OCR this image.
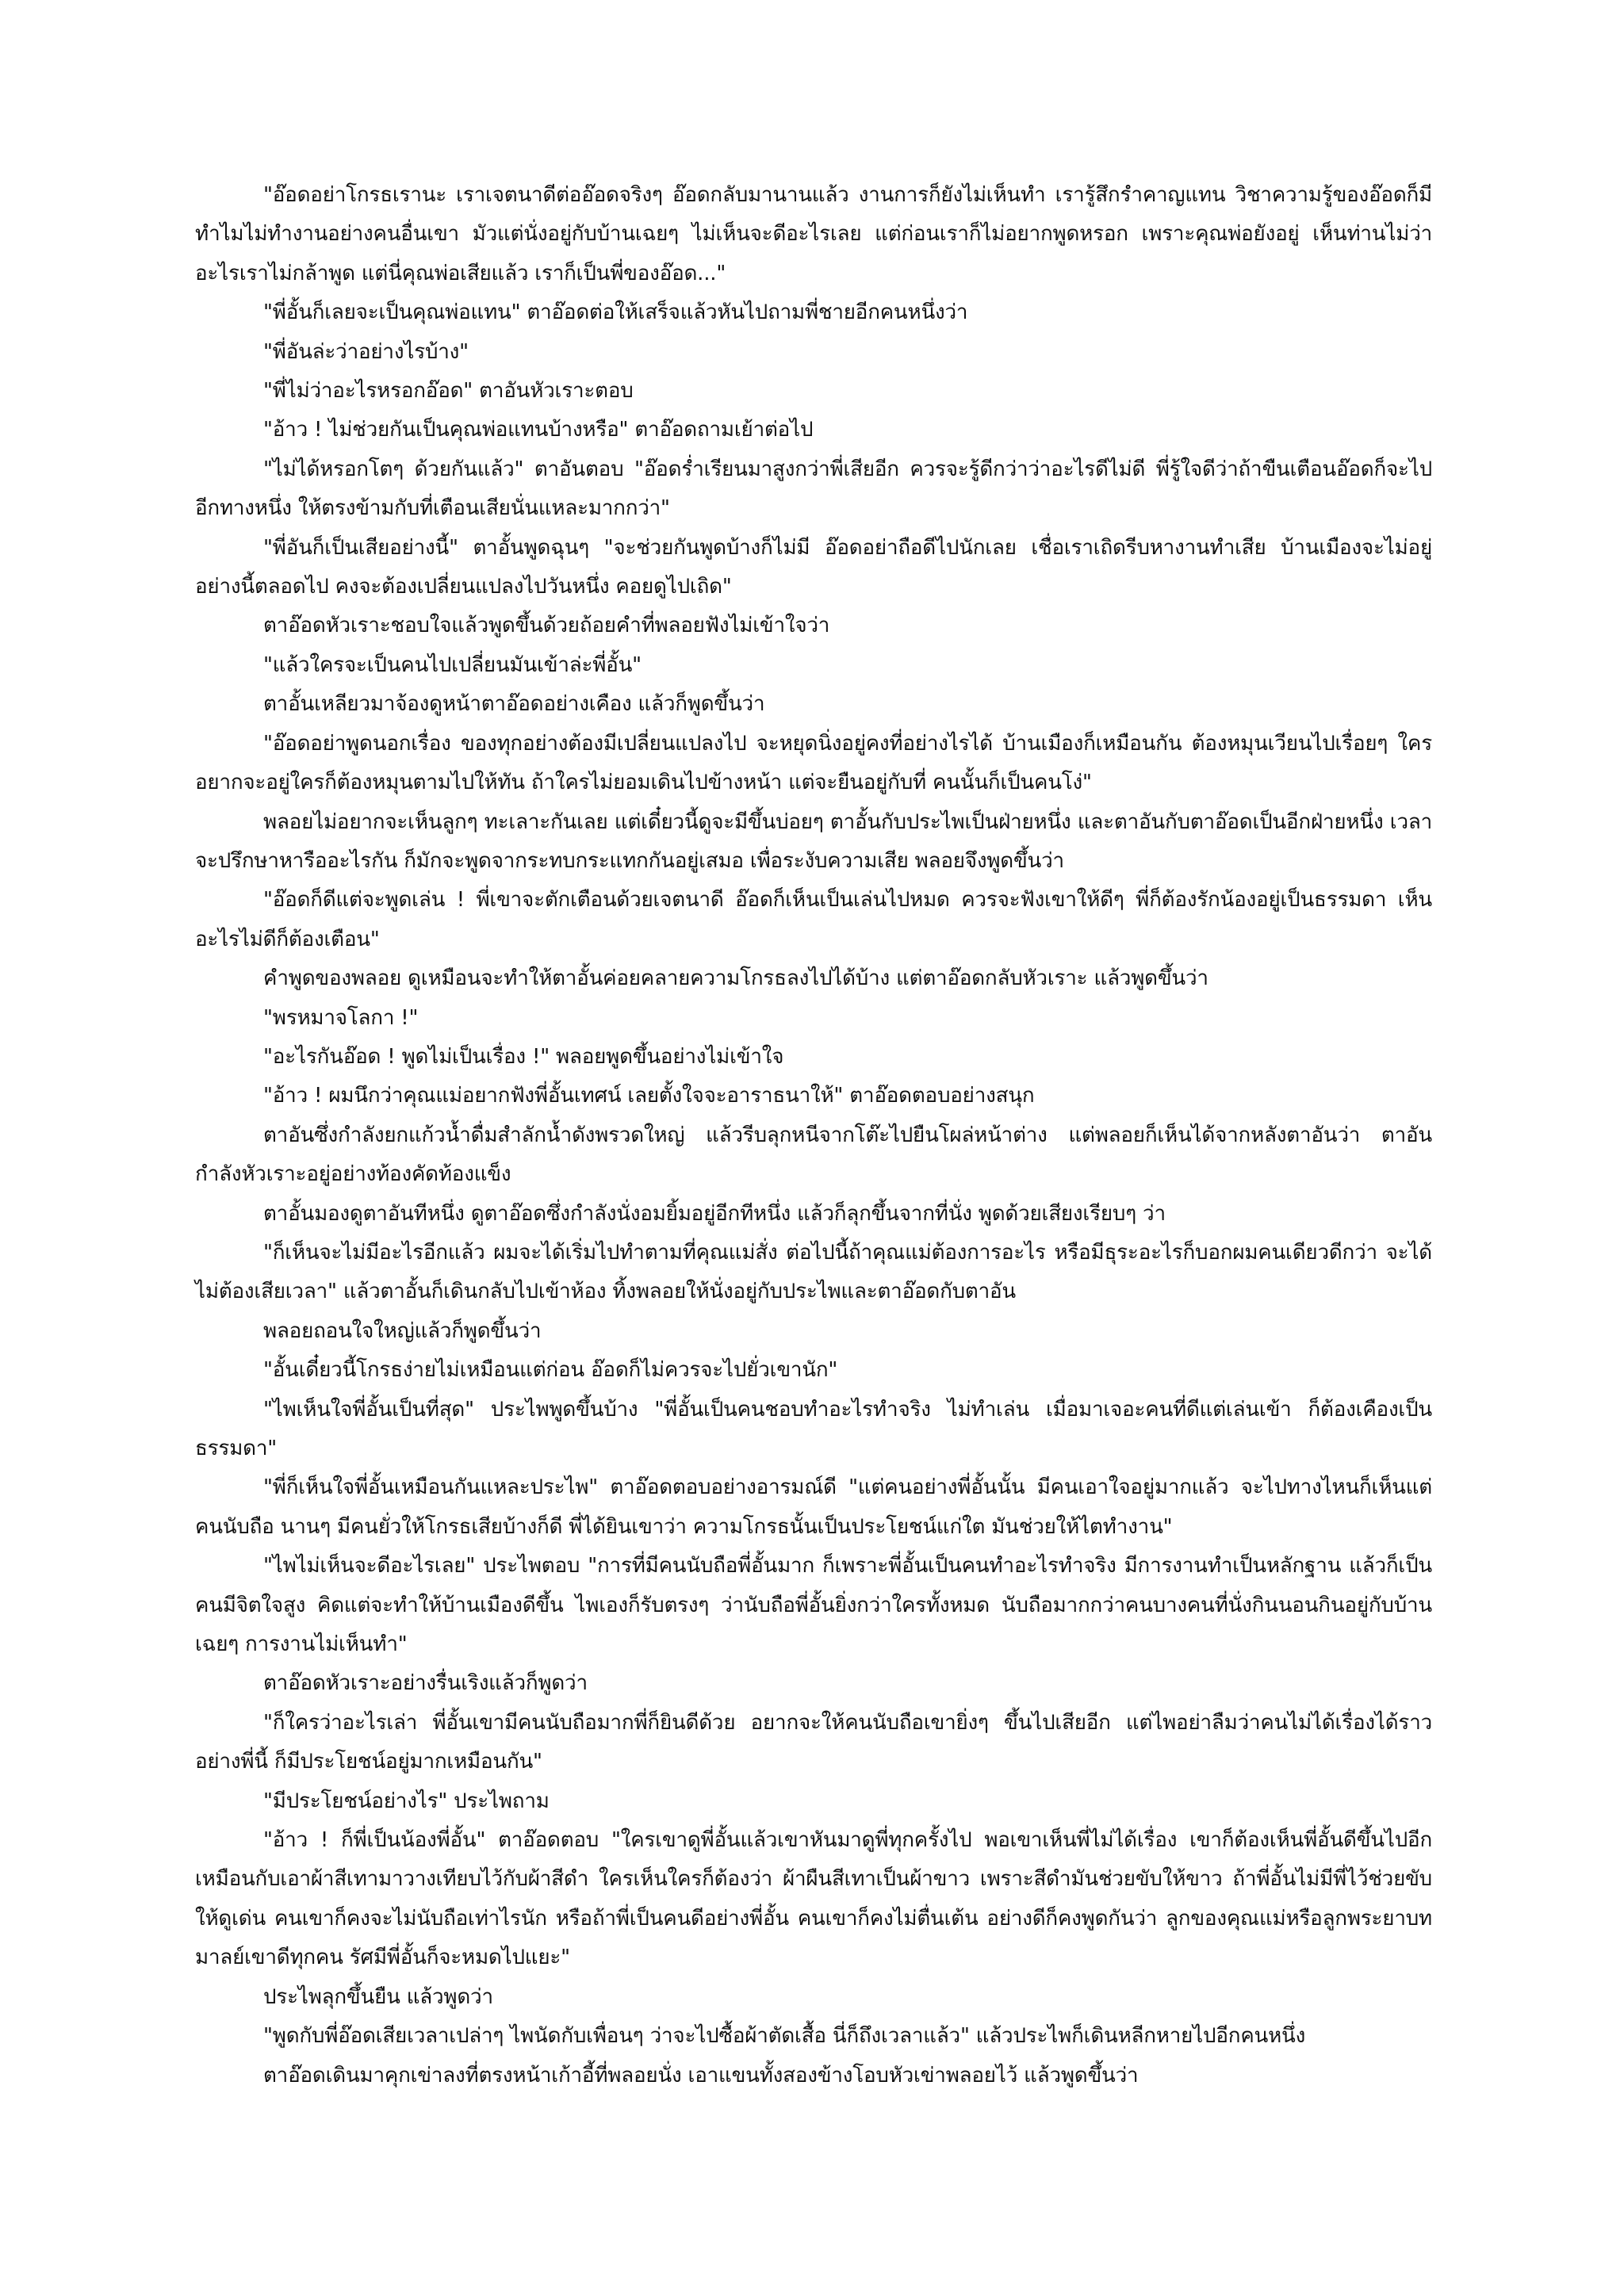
"อ๊อดอย่าโกรธเรานะ เราเจตนาดีต่ออ๊อดจริงๆ อ๊อดกลับมานานแล้ว งานการก็ยังไม่เห็นทำ เรารู้สึกรำคาญแทน วิชาความรู้ของอ๊อดก็มี ทำไมไม่ทำงานอย่างคนอื่นเขา มัวแต่นั่งอยู่กับบ้านเฉยๆ ไม่เห็นจะดีอะไรเลย แต่ก่อนเราก็ไม่อยากพูดหรอก เพราะคุณพ่อยังอยู่ เห็นท่านไม่ว่าอะไรเราไม่กล้าพูด แต่นี่คุณพ่อเสียแล้ว เราก็เป็นพี่ของอ๊อด..."

"พี่อั้นก็เลยจะเป็นคุณพ่อแทน" ตาอ๊อดต่อให้เสร็จแล้วหันไปถามพี่ชายอีกคนหนึ่งว่า

"พี่อันล่ะว่าอย่างไรบ้าง"

"พี่ไม่ว่าอะไรหรอกอ๊อด" ตาอันหัวเราะตอบ

"อ้าว ! ไม่ช่วยกันเป็นคุณพ่อแทนบ้างหรือ" ตาอ๊อดถามเย้าต่อไป

"ไม่ได้หรอกโตๆ ด้วยกันแล้ว" ตาอันตอบ "อ๊อดร่ำเรียนมาสูงกว่าพี่เสียอีก ควรจะรู้ดีกว่าว่าอะไรดีไม่ดี พี่รู้ใจดีว่าถ้าขืนเตือนอ๊อดก็จะไปอีกทางหนึ่ง ให้ตรงข้ามกับที่เตือนเสียนั่นแหละมากกว่า"

"พี่อันก็เป็นเสียอย่างนี้" ตาอั้นพูดฉุนๆ "จะช่วยกันพูดบ้างก็ไม่มี อ๊อดอย่าถือดีไปนักเลย เชื่อเราเถิดรีบหางานทำเสีย บ้านเมืองจะไม่อยู่อย่างนี้ตลอดไป คงจะต้องเปลี่ยนแปลงไปวันหนึ่ง คอยดูไปเถิด"

ตาอ๊อดหัวเราะชอบใจแล้วพูดขึ้นด้วยถ้อยคำที่พลอยฟังไม่เข้าใจว่า

"แล้วใครจะเป็นคนไปเปลี่ยนมันเข้าล่ะพี่อั้น"

ตาอั้นเหลียวมาจ้องดูหน้าตาอ๊อดอย่างเคือง แล้วก็พูดขึ้นว่า

"อ๊อดอย่าพูดนอกเรื่อง ของทุกอย่างต้องมีเปลี่ยนแปลงไป จะหยุดนิ่งอยู่คงที่อย่างไรได้ บ้านเมืองก็เหมือนกัน ต้องหมุนเวียนไปเรื่อยๆ ใครอยากจะอยู่ใครก็ต้องหมุนตามไปให้ทัน ถ้าใครไม่ยอมเดินไปข้างหน้า แต่จะยืนอยู่กับที่ คนนั้นก็เป็นคนโง่"

พลอยไม่อยากจะเห็นลูกๆ ทะเลาะกันเลย แต่เดี๋ยวนี้ดูจะมีขึ้นบ่อยๆ ตาอั้นกับประไพเป็นฝ่ายหนึ่ง และตาอันกับตาอ๊อดเป็นอีกฝ่ายหนึ่ง เวลาจะปรึกษาหารืออะไรกัน ก็มักจะพูดจากระทบกระแทกกันอยู่เสมอ เพื่อระงับความเสีย พลอยจึงพูดขึ้นว่า

"อ๊อดก็ดีแต่จะพูดเล่น ! พี่เขาจะตักเตือนด้วยเจตนาดี อ๊อดก็เห็นเป็นเล่นไปหมด ควรจะฟังเขาให้ดีๆ พี่ก็ต้องรักน้องอยู่เป็นธรรมดา เห็นอะไรไม่ดีก็ต้องเตือน"

คำพูดของพลอย ดูเหมือนจะทำให้ตาอั้นค่อยคลายความโกรธลงไปได้บ้าง แต่ตาอ๊อดกลับหัวเราะ แล้วพูดขึ้นว่า

"พรหมาจโลกา !"

"อะไรกันอ๊อด ! พูดไม่เป็นเรื่อง !" พลอยพูดขึ้นอย่างไม่เข้าใจ

"อ้าว ! ผมนึกว่าคุณแม่อยากฟังพี่อั้นเทศน์ เลยตั้งใจจะอาราธนาให้" ตาอ๊อดตอบอย่างสนุก

ตาอันซึ่งกำลังยกแก้วน้ำดื่มสำลักน้ำดังพรวดใหญ่ แล้วรีบลุกหนีจากโต๊ะไปยืนโผล่หน้าต่าง แต่พลอยก็เห็นได้จากหลังตาอันว่า ตาอันกำลังหัวเราะอยู่อย่างท้องคัดท้องแข็ง

ตาอั้นมองดูตาอันทีหนึ่ง ดูตาอ๊อดซึ่งกำลังนั่งอมยิ้มอยู่อีกทีหนึ่ง แล้วก็ลุกขึ้นจากที่นั่ง พูดด้วยเสียงเรียบๆ ว่า

"ก็เห็นจะไม่มีอะไรอีกแล้ว ผมจะได้เริ่มไปทำตามที่คุณแม่สั่ง ต่อไปนี้ถ้าคุณแม่ต้องการอะไร หรือมีธุระอะไรก็บอกผมคนเดียวดีกว่า จะได้ไม่ต้องเสียเวลา" แล้วตาอั้นก็เดินกลับไปเข้าห้อง ทิ้งพลอยให้นั่งอยู่กับประไพและตาอ๊อดกับตาอัน

พลอยถอนใจใหญ่แล้วก็พูดขึ้นว่า

"อั้นเดี๋ยวนี้โกรธง่ายไม่เหมือนแต่ก่อน อ๊อดก็ไม่ควรจะไปยั่วเขานัก"

"ไพเห็นใจพี่อั้นเป็นที่สุด" ประไพพูดขึ้นบ้าง "พี่อั้นเป็นคนชอบทำอะไรทำจริง ไม่ทำเล่น เมื่อมาเจอะคนที่ดีแต่เล่นเข้า ก็ต้องเคืองเป็นธรรมดา"

"พี่ก็เห็นใจพี่อั้นเหมือนกันแหละประไพ" ตาอ๊อดตอบอย่างอารมณ์ดี "แต่คนอย่างพี่อั้นนั้น มีคนเอาใจอยู่มากแล้ว จะไปทางไหนก็เห็นแต่คนนับถือ นานๆ มีคนยั่วให้โกรธเสียบ้างก็ดี พี่ได้ยินเขาว่า ความโกรธนั้นเป็นประโยชน์แก่ใต มันช่วยให้ไตทำงาน"

"ไพไม่เห็นจะดีอะไรเลย" ประไพตอบ "การที่มีคนนับถือพี่อั้นมาก ก็เพราะพี่อั้นเป็นคนทำอะไรทำจริง มีการงานทำเป็นหลักฐาน แล้วก็เป็นคนมีจิตใจสูง คิดแต่จะทำให้บ้านเมืองดีขึ้น ไพเองก็รับตรงๆ ว่านับถือพี่อั้นยิ่งกว่าใครทั้งหมด นับถือมากกว่าคนบางคนที่นั่งกินนอนกินอยู่กับบ้านเฉยๆ การงานไม่เห็นทำ"

ตาอ๊อดหัวเราะอย่างรื่นเริงแล้วก็พูดว่า

"ก็ใครว่าอะไรเล่า พี่อั้นเขามีคนนับถือมากพี่ก็ยินดีด้วย อยากจะให้คนนับถือเขายิ่งๆ ขึ้นไปเสียอีก แต่ไพอย่าลืมว่าคนไม่ได้เรื่องได้ราวอย่างพี่นี้ ก็มีประโยชน์อยู่มากเหมือนกัน"

"มีประโยชน์อย่างไร" ประไพถาม

"อ้าว ! ก็พี่เป็นน้องพี่อั้น" ตาอ๊อดตอบ "ใครเขาดูพี่อั้นแล้วเขาหันมาดูพี่ทุกครั้งไป พอเขาเห็นพี่ไม่ได้เรื่อง เขาก็ต้องเห็นพี่อั้นดีขึ้นไปอีก เหมือนกับเอาผ้าสีเทามาวางเทียบไว้กับผ้าสีดำ ใครเห็นใครก็ต้องว่า ผ้าผืนสีเทาเป็นผ้าขาว เพราะสีดำมันช่วยขับให้ขาว ถ้าพี่อั้นไม่มีพี่ไว้ช่วยขับให้ดูเด่น คนเขาก็คงจะไม่นับถือเท่าไรนัก หรือถ้าพี่เป็นคนดีอย่างพี่อั้น คนเขาก็คงไม่ตื่นเต้น อย่างดีก็คงพูดกันว่า ลูกของคุณแม่หรือลูกพระยาบทมาลย์เขาดีทุกคน รัศมีพี่อั้นก็จะหมดไปแยะ"

ประไพลุกขึ้นยืน แล้วพูดว่า

"พูดกับพี่อ๊อดเสียเวลาเปล่าๆ ไพนัดกับเพื่อนๆ ว่าจะไปซื้อผ้าตัดเสื้อ นี่ก็ถึงเวลาแล้ว" แล้วประไพก็เดินหลีกหายไปอีกคนหนึ่ง

ตาอ๊อดเดินมาคุกเข่าลงที่ตรงหน้าเก้าอี้ที่พลอยนั่ง เอาแขนทั้งสองข้างโอบหัวเข่าพลอยไว้ แล้วพูดขึ้นว่า
